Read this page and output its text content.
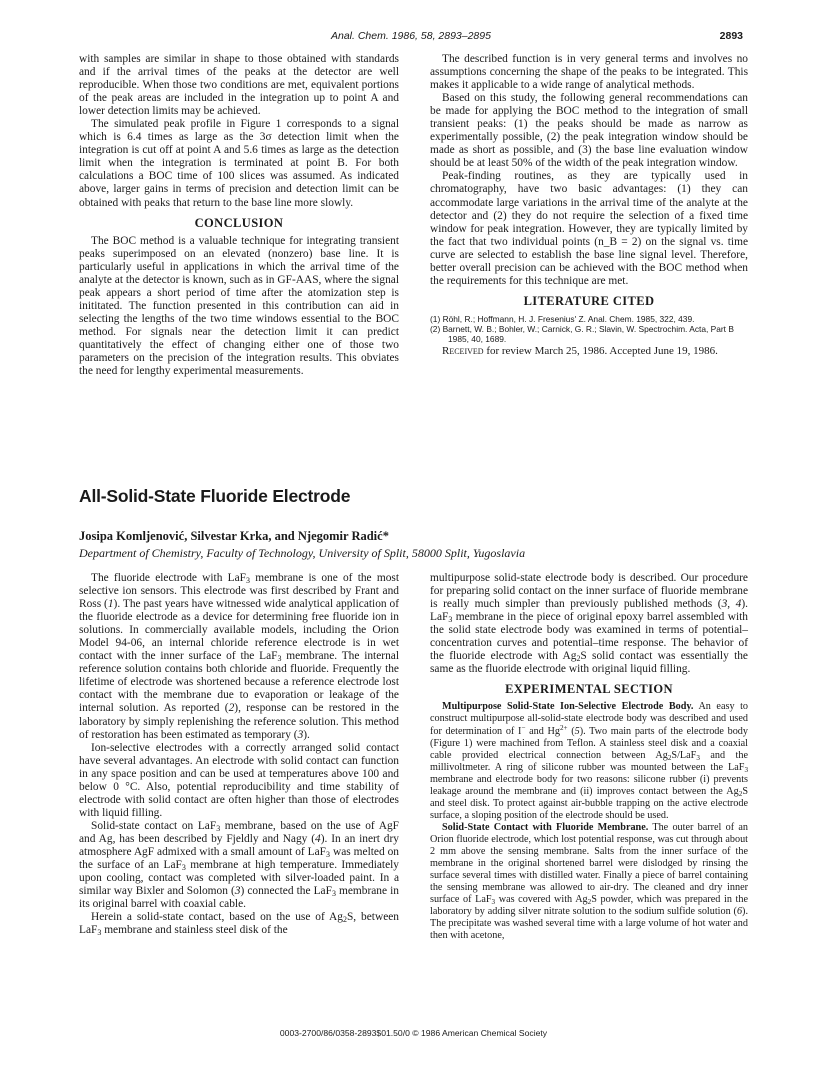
Anal. Chem. 1986, 58, 2893–2895	2893

with samples are similar in shape to those obtained with standards and if the arrival times of the peaks at the detector are well reproducible. When those two conditions are met, equivalent portions of the peak areas are included in the integration up to point A and lower detection limits may be achieved.

The simulated peak profile in Figure 1 corresponds to a signal which is 6.4 times as large as the 3σ detection limit when the integration is cut off at point A and 5.6 times as large as the detection limit when the integration is terminated at point B. For both calculations a BOC time of 100 slices was assumed. As indicated above, larger gains in terms of precision and detection limit can be obtained with peaks that return to the base line more slowly.

CONCLUSION

The BOC method is a valuable technique for integrating transient peaks superimposed on an elevated (nonzero) base line. It is particularly useful in applications in which the arrival time of the analyte at the detector is known, such as in GF-AAS, where the signal peak appears a short period of time after the atomization step is inititated. The function presented in this contribution can aid in selecting the lengths of the two time windows essential to the BOC method. For signals near the detection limit it can predict quantitatively the effect of changing either one of those two parameters on the precision of the integration results. This obviates the need for lengthy experimental measurements.

The described function is in very general terms and involves no assumptions concerning the shape of the peaks to be integrated. This makes it applicable to a wide range of analytical methods.

Based on this study, the following general recommendations can be made for applying the BOC method to the integration of small transient peaks: (1) the peaks should be made as narrow as experimentally possible, (2) the peak integration window should be made as short as possible, and (3) the base line evaluation window should be at least 50% of the width of the peak integration window.

Peak-finding routines, as they are typically used in chromatography, have two basic advantages: (1) they can accommodate large variations in the arrival time of the analyte at the detector and (2) they do not require the selection of a fixed time window for peak integration. However, they are typically limited by the fact that two individual points (n_B = 2) on the signal vs. time curve are selected to establish the base line signal level. Therefore, better overall precision can be achieved with the BOC method when the requirements for this technique are met.

LITERATURE CITED
(1) Röhl, R.; Hoffmann, H. J. Fresenius' Z. Anal. Chem. 1985, 322, 439.
(2) Barnett, W. B.; Bohler, W.; Carnick, G. R.; Slavin, W. Spectrochim. Acta, Part B 1985, 40, 1689.

Received for review March 25, 1986. Accepted June 19, 1986.

All-Solid-State Fluoride Electrode
Josipa Komljenović, Silvestar Krka, and Njegomir Radić*
Department of Chemistry, Faculty of Technology, University of Split, 58000 Split, Yugoslavia

The fluoride electrode with LaF$_3$ membrane is one of the most selective ion sensors. This electrode was first described by Frant and Ross (1). The past years have witnessed wide analytical application of the fluoride electrode as a device for determining free fluoride ion in solutions. In commercially available models, including the Orion Model 94-06, an internal chloride reference electrode is in wet contact with the inner surface of the LaF$_3$ membrane. The internal reference solution contains both chloride and fluoride. Frequently the lifetime of electrode was shortened because a reference electrode lost contact with the membrane due to evaporation or leakage of the internal solution. As reported (2), response can be restored in the laboratory by simply replenishing the reference solution. This method of restoration has been estimated as temporary (3).

Ion-selective electrodes with a correctly arranged solid contact have several advantages. An electrode with solid contact can function in any space position and can be used at temperatures above 100 and below 0 °C. Also, potential reproducibility and time stability of electrode with solid contact are often higher than those of electrodes with liquid filling.

Solid-state contact on LaF$_3$ membrane, based on the use of AgF and Ag, has been described by Fjeldly and Nagy (4). In an inert dry atmosphere AgF admixed with a small amount of LaF$_3$ was melted on the surface of an LaF$_3$ membrane at high temperature. Immediately upon cooling, contact was completed with silver-loaded paint. In a similar way Bixler and Solomon (3) connected the LaF$_3$ membrane in its original barrel with coaxial cable.

Herein a solid-state contact, based on the use of $Ag_2S$, between LaF$_3$ membrane and stainless steel disk of the

multipurpose solid-state electrode body is described. Our procedure for preparing solid contact on the inner surface of fluoride membrane is really much simpler than previously published methods (3, 4). LaF$_3$ membrane in the piece of original epoxy barrel assembled with the solid state electrode body was examined in terms of potential–concentration curves and potential–time response. The behavior of the fluoride electrode with $Ag_2S$ solid contact was essentially the same as the fluoride electrode with original liquid filling.

EXPERIMENTAL SECTION

Multipurpose Solid-State Ion-Selective Electrode Body. An easy to construct multipurpose all-solid-state electrode body was described and used for determination of I− and $Hg^{2+}$ (5). Two main parts of the electrode body (Figure 1) were machined from Teflon. A stainless steel disk and a coaxial cable provided electrical connection between $Ag_2S/LaF_3$ and the millivoltmeter. A ring of silicone rubber was mounted between the LaF$_3$ membrane and electrode body for two reasons: silicone rubber (i) prevents leakage around the membrane and (ii) improves contact between the $Ag_2S$ and steel disk. To protect against air-bubble trapping on the active electrode surface, a sloping position of the electrode should be used.

Solid-State Contact with Fluoride Membrane. The outer barrel of an Orion fluoride electrode, which lost potential response, was cut through about 2 mm above the sensing membrane. Salts from the inner surface of the membrane in the original shortened barrel were dislodged by rinsing the surface several times with distilled water. Finally a piece of barrel containing the sensing membrane was allowed to air-dry. The cleaned and dry inner surface of LaF$_3$ was covered with $Ag_2S$ powder, which was prepared in the laboratory by adding silver nitrate solution to the sodium sulfide solution (6). The precipitate was washed several time with a large volume of hot water and then with acetone,

0003-2700/86/0358-2893$01.50/0 © 1986 American Chemical Society
